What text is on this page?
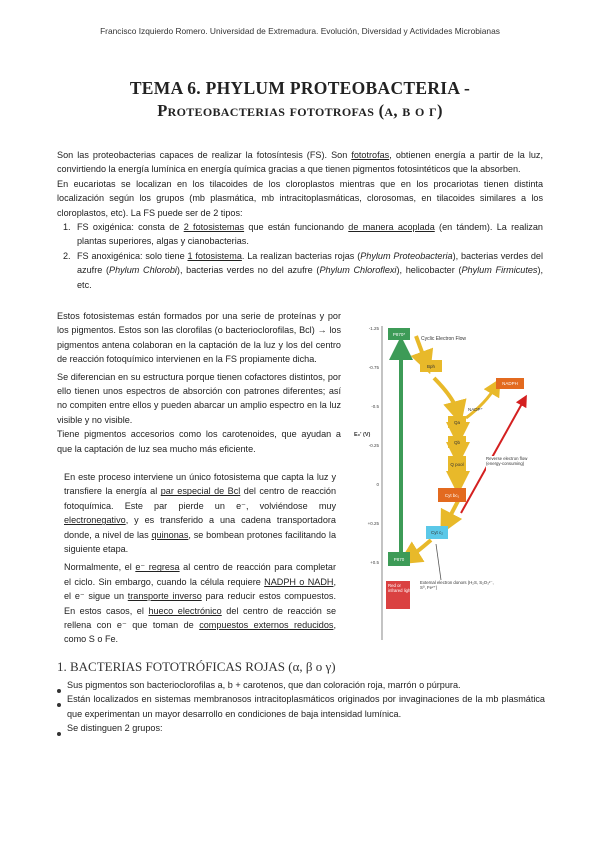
Francisco Izquierdo Romero. Universidad de Extremadura. Evolución, Diversidad y Actividades Microbianas
TEMA 6. PHYLUM PROTEOBACTERIA -
Proteobacterias fototrofas (α, β o γ)
Son las proteobacterias capaces de realizar la fotosíntesis (FS). Son fototrofas, obtienen energía a partir de la luz, convirtiendo la energía lumínica en energía química gracias a que tienen pigmentos fotosintéticos que la absorben.
En eucariotas se localizan en los tilacoides de los cloroplastos mientras que en los procariotas tienen distinta localización según los grupos (mb plasmática, mb intracitoplasmáticas, clorosomas, en tilacoides similares a los cloroplastos, etc). La FS puede ser de 2 tipos:
1. FS oxigénica: consta de 2 fotosistemas que están funcionando de manera acoplada (en tándem). La realizan plantas superiores, algas y cianobacterias.
2. FS anoxigénica: solo tiene 1 fotosistema. La realizan bacterias rojas (Phylum Proteobacteria), bacterias verdes del azufre (Phylum Chlorobi), bacterias verdes no del azufre (Phylum Chloroflexi), helicobacter (Phylum Firmicutes), etc.
Estos fotosistemas están formados por una serie de proteínas y por los pigmentos. Estos son las clorofilas (o bacterioclorofilas, Bcl) → los pigmentos antena colaboran en la captación de la luz y los del centro de reacción fotoquímico intervienen en la FS propiamente dicha.
Se diferencian en su estructura porque tienen cofactores distintos, por ello tienen unos espectros de absorción con patrones diferentes; así no compiten entre ellos y pueden abarcar un amplio espectro en la luz visible y no visible.
Tiene pigmentos accesorios como los carotenoides, que ayudan a que la captación de luz sea mucho más eficiente.
En este proceso interviene un único fotosistema que capta la luz y transfiere la energía al par especial de Bcl del centro de reacción fotoquímica. Este par pierde un e⁻, volviéndose muy electronegativo, y es transferido a una cadena transportadora donde, a nivel de las quinonas, se bombean protones facilitando la siguiente etapa.
Normalmente, el e⁻ regresa al centro de reacción para completar el ciclo. Sin embargo, cuando la célula requiere NADPH o NADH, el e⁻ sigue un transporte inverso para reducir estos compuestos. En estos casos, el hueco electrónico del centro de reacción se rellena con e⁻ que toman de compuestos externos reducidos, como S o Fe.
-1.25
-0.75
-0.5
-0.25
0
+0.25
+0.5
E₀' (V)
Cyclic Electron Flow
P870*
Bph
Qa
Qb
Q pool
Cyt bc₁
Cyt c₂
P870
NADPH
NADP⁺
Reverse electron flow (energy-consuming)
Red or infrared light
External electron donors (H₂S, S₂O₃²⁻, S⁰, Fe²⁺)
1. BACTERIAS FOTOTRÓFICAS ROJAS (α, β o γ)
Sus pigmentos son bacterioclorofilas a, b + carotenos, que dan coloración roja, marrón o púrpura.
Están localizados en sistemas membranosos intracitoplasmáticos originados por invaginaciones de la mb plasmática que experimentan un mayor desarrollo en condiciones de baja intensidad lumínica.
Se distinguen 2 grupos:
